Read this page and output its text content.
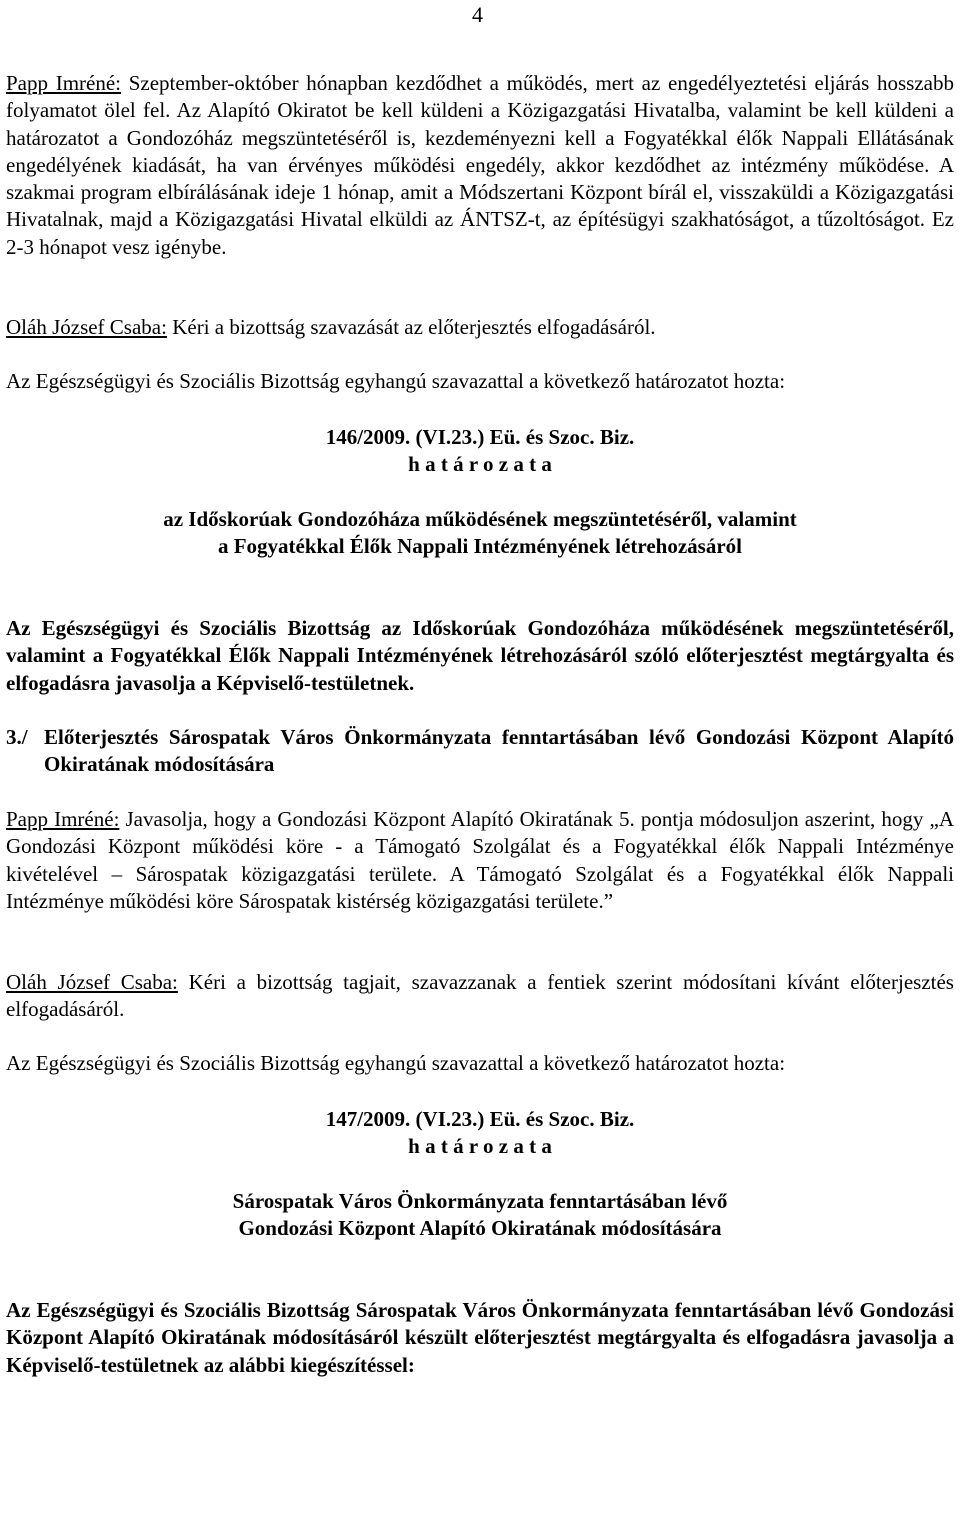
4
Papp Imréné: Szeptember-október hónapban kezdődhet a működés, mert az engedélyeztetési eljárás hosszabb folyamatot ölel fel. Az Alapító Okiratot be kell küldeni a Közigazgatási Hivatalba, valamint be kell küldeni a határozatot a Gondozóház megszüntetéséről is, kezdeményezni kell a Fogyatékkal élők Nappali Ellátásának engedélyének kiadását, ha van érvényes működési engedély, akkor kezdődhet az intézmény működése. A szakmai program elbírálásának ideje 1 hónap, amit a Módszertani Központ bírál el, visszaküldi a Közigazgatási Hivatalnak, majd a Közigazgatási Hivatal elküldi az ÁNTSZ-t, az építésügyi szakhatóságot, a tűzoltóságot. Ez 2-3 hónapot vesz igénybe.
Oláh József Csaba: Kéri a bizottság szavazását az előterjesztés elfogadásáról.
Az Egészségügyi és Szociális Bizottság egyhangú szavazattal a következő határozatot hozta:
146/2009. (VI.23.) Eü. és Szoc. Biz.
h a t á r o z a t a
az Időskorúak Gondozóháza működésének megszüntetéséről, valamint
a Fogyatékkal Élők Nappali Intézményének létrehozásáról
Az Egészségügyi és Szociális Bizottság az Időskorúak Gondozóháza működésének megszüntetéséről, valamint a Fogyatékkal Élők Nappali Intézményének létrehozásáról szóló előterjesztést megtárgyalta és elfogadásra javasolja a Képviselő-testületnek.
3./ Előterjesztés Sárospatak Város Önkormányzata fenntartásában lévő Gondozási Központ Alapító Okiratának módosítására
Papp Imréné: Javasolja, hogy a Gondozási Központ Alapító Okiratának 5. pontja módosuljon aszerint, hogy „A Gondozási Központ működési köre - a Támogató Szolgálat és a Fogyatékkal élők Nappali Intézménye kivételével – Sárospatak közigazgatási területe. A Támogató Szolgálat és a Fogyatékkal élők Nappali Intézménye működési köre Sárospatak kistérség közigazgatási területe.”
Oláh József Csaba: Kéri a bizottság tagjait, szavazzanak a fentiek szerint módosítani kívánt előterjesztés elfogadásáról.
Az Egészségügyi és Szociális Bizottság egyhangú szavazattal a következő határozatot hozta:
147/2009. (VI.23.) Eü. és Szoc. Biz.
h a t á r o z a t a
Sárospatak Város Önkormányzata fenntartásában lévő
Gondozási Központ Alapító Okiratának módosítására
Az Egészségügyi és Szociális Bizottság Sárospatak Város Önkormányzata fenntartásában lévő Gondozási Központ Alapító Okiratának módosításáról készült előterjesztést megtárgyalta és elfogadásra javasolja a Képviselő-testületnek az alábbi kiegészítéssel:
